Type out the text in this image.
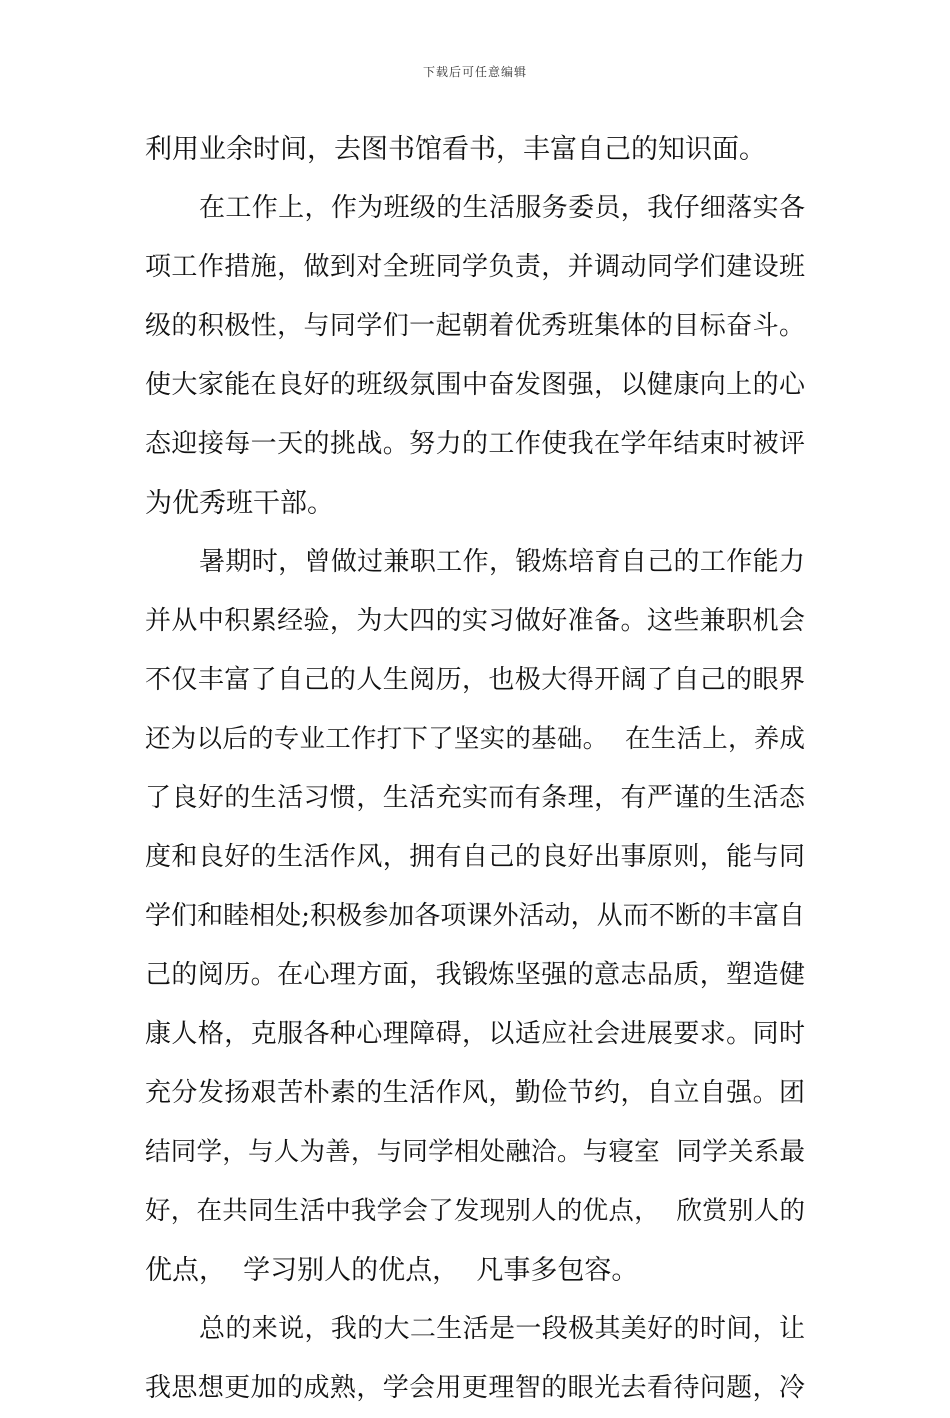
下载后可任意编辑
利用业余时间，去图书馆看书，丰富自己的知识面。
在工作上，作为班级的生活服务委员，我仔细落实各
项工作措施，做到对全班同学负责，并调动同学们建设班
级的积极性，与同学们一起朝着优秀班集体的目标奋斗。
使大家能在良好的班级氛围中奋发图强，以健康向上的心
态迎接每一天的挑战。努力的工作使我在学年结束时被评
为优秀班干部。
暑期时，曾做过兼职工作，锻炼培育自己的工作能力
并从中积累经验，为大四的实习做好准备。这些兼职机会
不仅丰富了自己的人生阅历，也极大得开阔了自己的眼界
还为以后的专业工作打下了坚实的基础。  在生活上，养成
了良好的生活习惯，生活充实而有条理，有严谨的生活态
度和良好的生活作风，拥有自己的良好出事原则，能与同
学们和睦相处;积极参加各项课外活动，从而不断的丰富自
己的阅历。在心理方面，我锻炼坚强的意志品质，塑造健
康人格，克服各种心理障碍，以适应社会进展要求。同时
充分发扬艰苦朴素的生活作风，勤俭节约，自立自强。团
结同学，与人为善，与同学相处融洽。与寝室  同学关系最
好，在共同生活中我学会了发现别人的优点，  欣赏别人的
优点，  学习别人的优点，  凡事多包容。
总的来说，我的大二生活是一段极其美好的时间，让
我思想更加的成熟，学会用更理智的眼光去看待问题，冷
